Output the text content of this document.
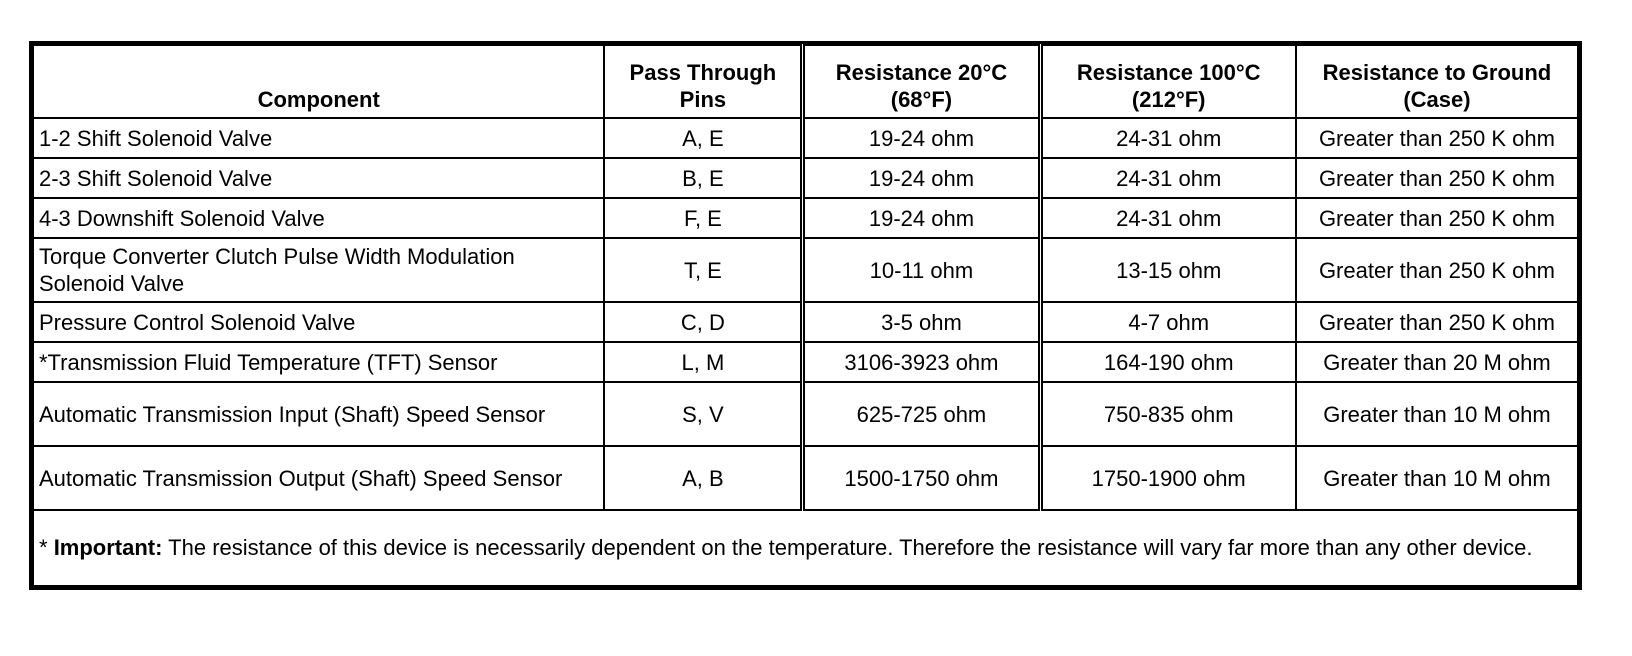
Component	Pass Through Pins	Resistance 20°C (68°F)	Resistance 100°C (212°F)	Resistance to Ground (Case)
1-2 Shift Solenoid Valve	A, E	19-24 ohm	24-31 ohm	Greater than 250 K ohm
2-3 Shift Solenoid Valve	B, E	19-24 ohm	24-31 ohm	Greater than 250 K ohm
4-3 Downshift Solenoid Valve	F, E	19-24 ohm	24-31 ohm	Greater than 250 K ohm
Torque Converter Clutch Pulse Width Modulation Solenoid Valve	T, E	10-11 ohm	13-15 ohm	Greater than 250 K ohm
Pressure Control Solenoid Valve	C, D	3-5 ohm	4-7 ohm	Greater than 250 K ohm
*Transmission Fluid Temperature (TFT) Sensor	L, M	3106-3923 ohm	164-190 ohm	Greater than 20 M ohm
Automatic Transmission Input (Shaft) Speed Sensor	S, V	625-725 ohm	750-835 ohm	Greater than 10 M ohm
Automatic Transmission Output (Shaft) Speed Sensor	A, B	1500-1750 ohm	1750-1900 ohm	Greater than 10 M ohm
* Important: The resistance of this device is necessarily dependent on the temperature. Therefore the resistance will vary far more than any other device.				
